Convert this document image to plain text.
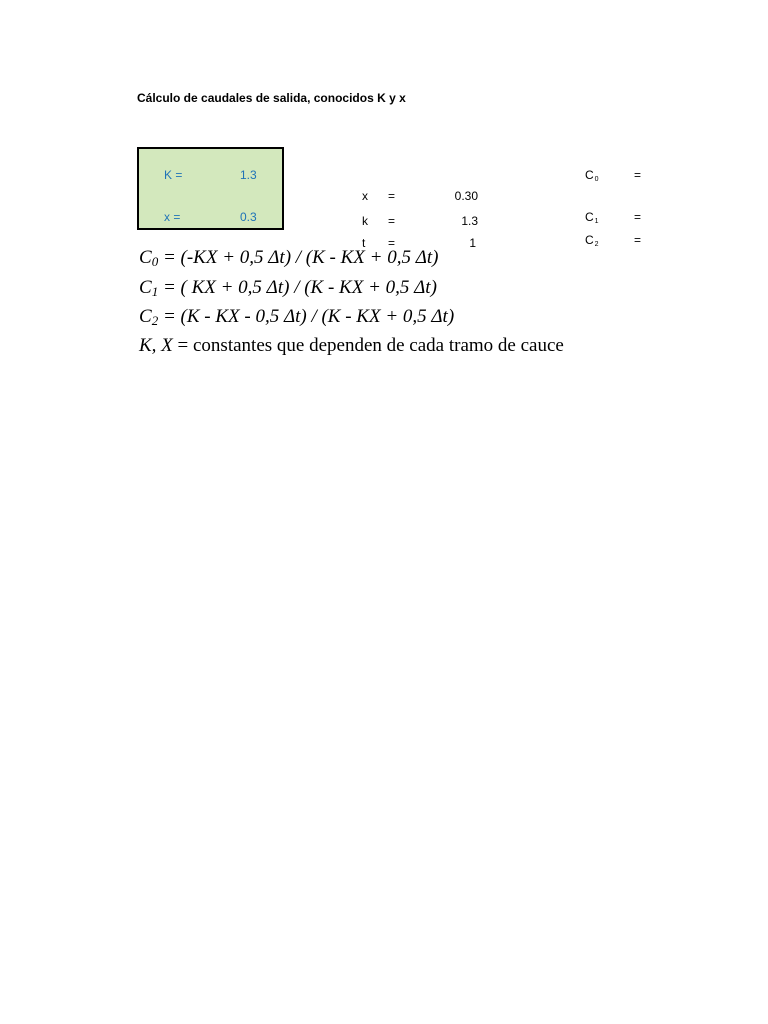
Cálculo de caudales de salida, conocidos K y x
K =	1.3
x =	0.3
x =	0.30
k =	1.3
t =	1
$C_0$	=
$C_1$	=
$C_2$	=
C0 = (-KX + 0,5 Δt) / (K - KX + 0,5 Δt)
C1 = ( KX + 0,5 Δt) / (K - KX + 0,5 Δt)
C2 = (K - KX - 0,5 Δt) / (K - KX + 0,5 Δt)
K, X = constantes que dependen de cada tramo de cauce
